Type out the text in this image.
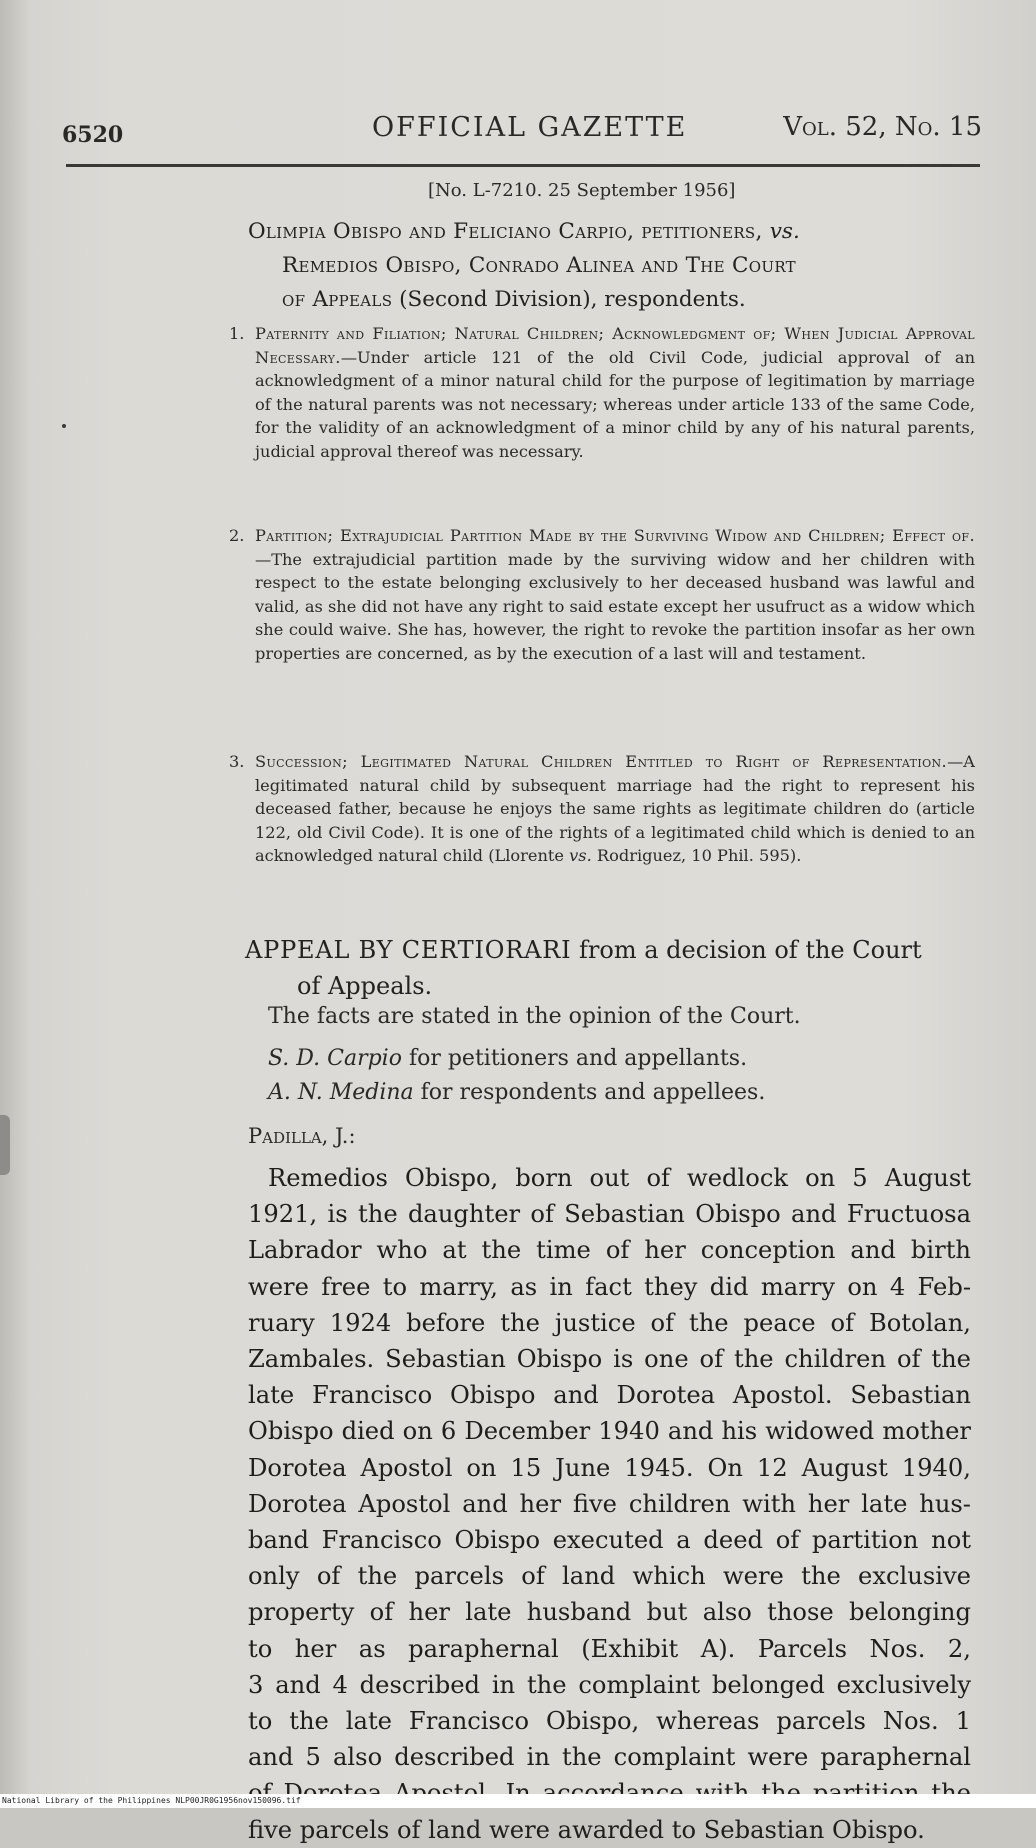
6520	OFFICIAL GAZETTE	Vol. 52, No. 15
[No. L-7210. 25 September 1956]
Olimpia Obispo and Feliciano Carpio, petitioners, vs.
Remedios Obispo, Conrado Alinea and The Court
of Appeals (Second Division), respondents.
1. Paternity and Filiation; Natural Children; Acknowledgment of; When Judicial Approval Necessary.—Under article 121 of the old Civil Code, judicial approval of an acknowledgment of a minor natural child for the purpose of legitimation by marriage of the natural parents was not necessary; whereas under article 133 of the same Code, for the validity of an acknowledgment of a minor child by any of his natural parents, judicial approval thereof was necessary.
2. Partition; Extrajudicial Partition Made by the Surviving Widow and Children; Effect of.—The extrajudicial partition made by the surviving widow and her children with respect to the estate belonging exclusively to her deceased husband was lawful and valid, as she did not have any right to said estate except her usufruct as a widow which she could waive. She has, however, the right to revoke the partition insofar as her own properties are concerned, as by the execution of a last will and testament.
3. Succession; Legitimated Natural Children Entitled to Right of Representation.—A legitimated natural child by subsequent marriage had the right to represent his deceased father, because he enjoys the same rights as legitimate children do (article 122, old Civil Code). It is one of the rights of a legitimated child which is denied to an acknowledged natural child (Llorente vs. Rodriguez, 10 Phil. 595).
APPEAL BY CERTIORARI from a decision of the Court
of Appeals.
The facts are stated in the opinion of the Court.
S. D. Carpio for petitioners and appellants.
A. N. Medina for respondents and appellees.
Padilla, J.:
Remedios Obispo, born out of wedlock on 5 August
1921, is the daughter of Sebastian Obispo and Fructuosa
Labrador who at the time of her conception and birth
were free to marry, as in fact they did marry on 4 Feb-
ruary 1924 before the justice of the peace of Botolan,
Zambales. Sebastian Obispo is one of the children of the
late Francisco Obispo and Dorotea Apostol. Sebastian
Obispo died on 6 December 1940 and his widowed mother
Dorotea Apostol on 15 June 1945. On 12 August 1940,
Dorotea Apostol and her five children with her late hus-
band Francisco Obispo executed a deed of partition not
only of the parcels of land which were the exclusive
property of her late husband but also those belonging
to her as paraphernal (Exhibit A). Parcels Nos. 2,
3 and 4 described in the complaint belonged exclusively
to the late Francisco Obispo, whereas parcels Nos. 1
and 5 also described in the complaint were paraphernal
five parcels of land were awarded to Sebastian Obispo.
National Library of the Philippines NLP00JR0G1956nov150096.tif
